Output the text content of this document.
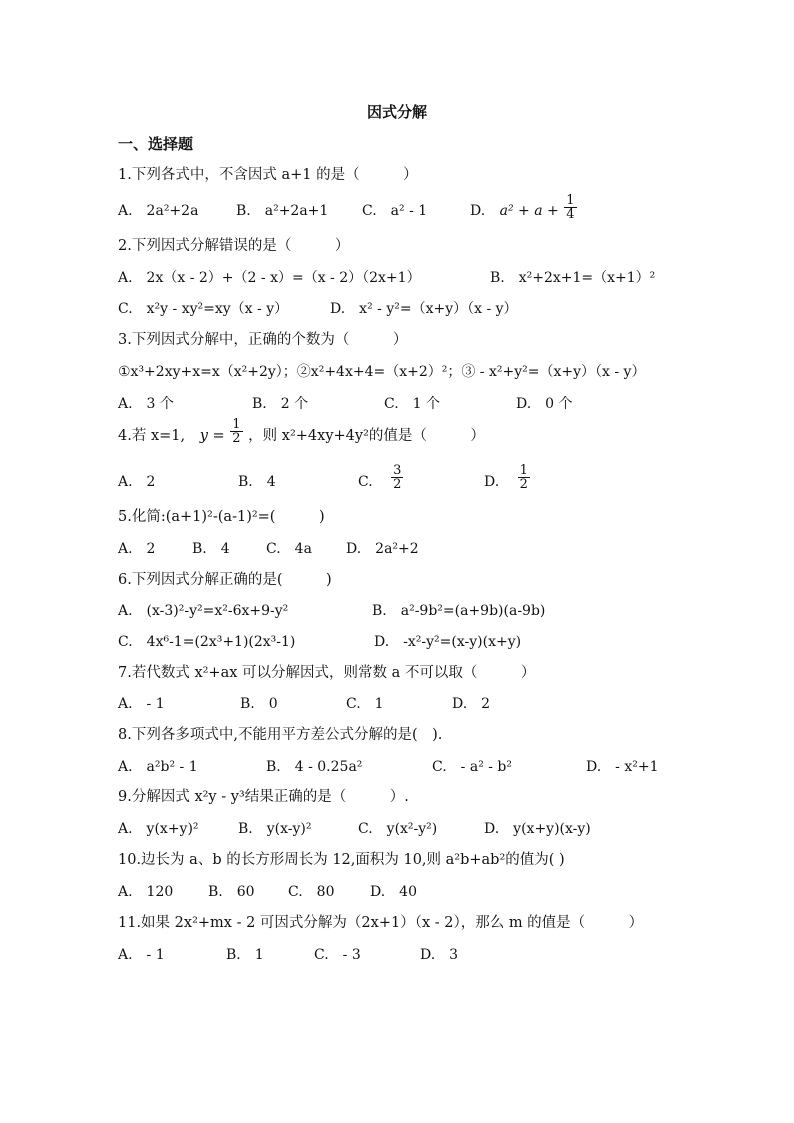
因式分解
一、选择题
1.下列各式中，不含因式 a+1 的是（　　　）
A.　2a²+2a	B.　a²+2a+1 C.　a² - 1	D. $a^2 + a + \frac{1}{4}$
2.下列因式分解错误的是（　　　）
A.　2x（x - 2）+（2 - x）=（x - 2）（2x+1）	B.　x²+2x+1=（x+1）²
C.　x²y - xy²=xy（x - y）	D.　x² - y²=（x+y）（x - y）
3.下列因式分解中，正确的个数为（　　　）
①x³+2xy+x=x（x²+2y）；②x²+4x+4=（x+2）²；③ - x²+y²=（x+y）（x - y）
A.　3 个	B.　2 个	C.　1 个	D.　0 个
4.若 x=1, $y = \frac{1}{2}$ ，则 x²+4xy+4y²的值是（　　　）
A.　2	B.　4	C. $\frac{3}{2}$	D. $\frac{1}{2}$
5.化简:(a+1)²-(a-1)²=(　　　)
A.　2	B.　4	C.　4a D.　2a²+2
6.下列因式分解正确的是(　　　)
A.　(x-3)²-y²=x²-6x+9-y²	B.　a²-9b²=(a+9b)(a-9b)
C.　4x⁶-1=(2x³+1)(2x³-1)	D.　-x²-y²=(x-y)(x+y)
7.若代数式 x²+ax 可以分解因式，则常数 a 不可以取（　　　）
A.　- 1	B.　0	C.　1	D.　2
8.下列各多项式中,不能用平方差公式分解的是(　).
A.　a²b² - 1	B.　4 - 0.25a²	C.　- a² - b²	D.　- x²+1
9.分解因式 x²y - y³结果正确的是（　　　）.
A.　y(x+y)²	B.　y(x-y)²	C.　y(x²-y²)	D.　y(x+y)(x-y)
10.边长为 a、b 的长方形周长为 12,面积为 10,则 a²b+ab²的值为( )
A.　120 B.　60 C.　80	D.　40
11.如果 2x²+mx - 2 可因式分解为（2x+1）（x - 2），那么 m 的值是（　　　）
A.　- 1	B.　1	C.　- 3	D.　3
